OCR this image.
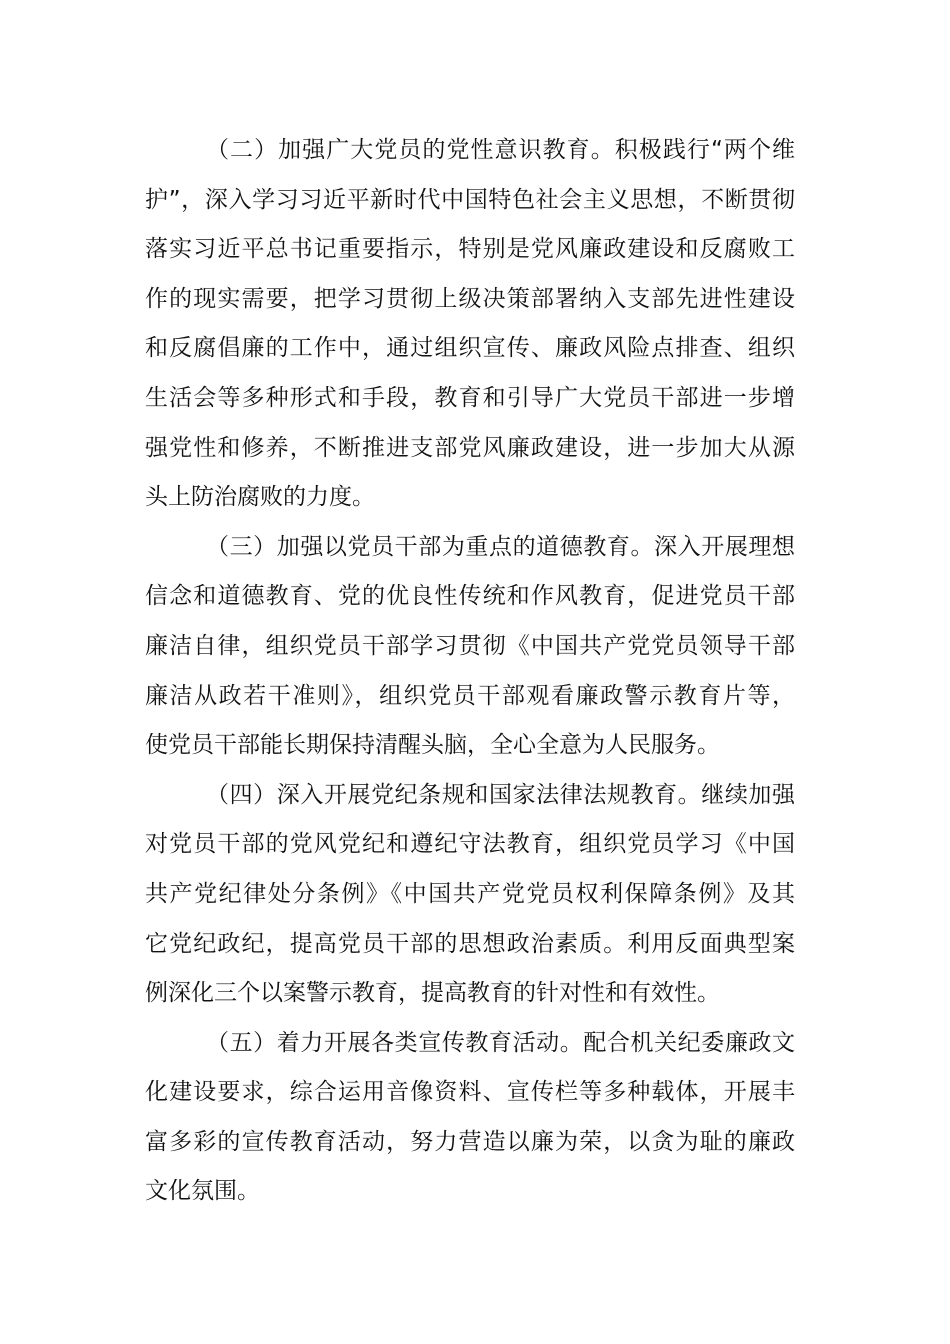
（二）加强广大党员的党性意识教育。积极践行“两个维
护”，深入学习习近平新时代中国特色社会主义思想，不断贯彻
落实习近平总书记重要指示，特别是党风廉政建设和反腐败工
作的现实需要，把学习贯彻上级决策部署纳入支部先进性建设
和反腐倡廉的工作中，通过组织宣传、廉政风险点排查、组织
生活会等多种形式和手段，教育和引导广大党员干部进一步增
强党性和修养，不断推进支部党风廉政建设，进一步加大从源
头上防治腐败的力度。
（三）加强以党员干部为重点的道德教育。深入开展理想
信念和道德教育、党的优良性传统和作风教育，促进党员干部
廉洁自律，组织党员干部学习贯彻《中国共产党党员领导干部
廉洁从政若干准则》，组织党员干部观看廉政警示教育片等，
使党员干部能长期保持清醒头脑，全心全意为人民服务。
（四）深入开展党纪条规和国家法律法规教育。继续加强
对党员干部的党风党纪和遵纪守法教育，组织党员学习《中国
共产党纪律处分条例》《中国共产党党员权利保障条例》及其
它党纪政纪，提高党员干部的思想政治素质。利用反面典型案
例深化三个以案警示教育，提高教育的针对性和有效性。
（五）着力开展各类宣传教育活动。配合机关纪委廉政文
化建设要求，综合运用音像资料、宣传栏等多种载体，开展丰
富多彩的宣传教育活动，努力营造以廉为荣，以贪为耻的廉政
文化氛围。
